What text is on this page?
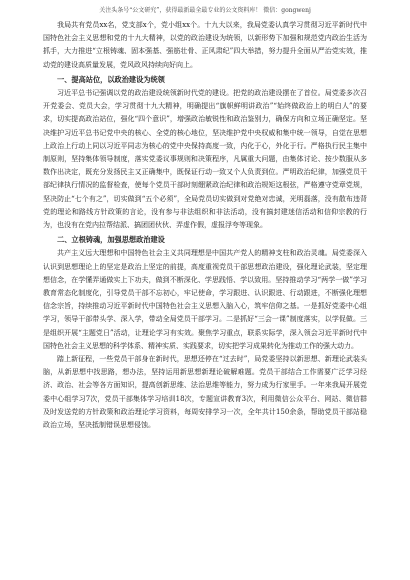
关注头条号“公文研究”，获得最新最全最专业的公文资料库！ 微信：gongwenj

我局共有党员xx名，党支部x个，党小组xx个。十九大以来，我局党委认真学习贯彻习近平新时代中国特色社会主义思想和党的十九大精神，以党的政治建设为统领，以新形势下加强和规范党内政治生活为抓手，大力推进“立根铸魂、固本强基、强筋壮骨、正风肃纪”四大举措，努力提升全面从严治党实效，推动党的建设高质量发展，党风政风持续向好向上。

一、提高站位，以政治建设为统领

习近平总书记强调以党的政治建设统领新时代党的建设。把党的政治建设摆在了首位。局党委多次召开党委会、党员大会，学习贯彻十九大精神，明确提出“旗帜鲜明讲政治”“始终做政治上的明白人”的要求，切实提高政治站位，强化“四个意识”，增强政治敏锐性和政治鉴别力，确保方向和立场正确坚定。坚决维护习近平总书记党中央的核心、全党的核心地位，坚决维护党中央权威和集中统一领导，自觉在思想上政治上行动上同以习近平同志为核心的党中央保持高度一致，内化于心，外化于行。严格执行民主集中制原则，坚持集体领导制度，落实党委议事规则和决策程序，凡属重大问题，由集体讨论、按少数服从多数作出决定，既充分发扬民主又正确集中，既保证行动一致又个人负责到位。严明政治纪律，加强党员干部纪律执行情况的监督检查，使每个党员干部时刻绷紧政治纪律和政治规矩这根弦，严格遵守党章党规，坚决防止“七个有之”，切实做到“五个必须”，全局党员切实做到对党绝对忠诚，光明磊落，没有散布违背党的理论和路线方针政策的言论，没有参与非法组织和非法活动，没有搞封建迷信活动和信仰宗教的行为，也没有在党内拉帮结派、搞团团伙伙、弄虚作假，虚报浮夸等现象。

二、立根铸魂，加强思想政治建设

共产主义远大理想和中国特色社会主义共同理想是中国共产党人的精神支柱和政治灵魂。局党委深入认识到思想理论上的坚定是政治上坚定的前提，高度重视党员干部思想政治建设，强化理论武装，坚定理想信念，在学懂弄通做实上下功夫，做到不断深化、学思践悟、学以致用。坚持推动学习“两学一做”学习教育常态化制度化，引导党员干部不忘初心，牢记使命，学习跟进、认识跟进、行动跟进，不断强化理想信念宗旨，持续推动习近平新时代中国特色社会主义思想入脑入心，筑牢信仰之基。一是抓好党委中心组学习，领导干部带头学、深入学，带动全局党员干部学习。二是抓好“三会一课”制度落实，以学促做。三是组织开展“主题党日”活动，让理论学习有实效。聚焦学习重点，联系实际学，深入领会习近平新时代中国特色社会主义思想的科学体系、精神实质、实践要求，切实把学习成果转化为推动工作的强大动力。

踏上新征程，一些党员干部身在新时代，思想还停在“过去时”，局党委坚持以新思想、新理论武装头脑，从新思想中找思路，想办法，坚持运用新思想新理论破解难题。党员干部结合工作需要广泛学习经济、政治、社会等各方面知识，提高创新思维、法治思维等能力，努力成为行家里手。一年来我局开展党委中心组学习7次，党员干部集体学习培训18次，专题宣讲教育3次，利用微信公众平台、网站、微信群及时发送党的方针政策和政治理论学习资料，每周安排学习一次，全年共计150余条，帮助党员干部站稳政治立场，坚决抵制错误思想侵蚀。
